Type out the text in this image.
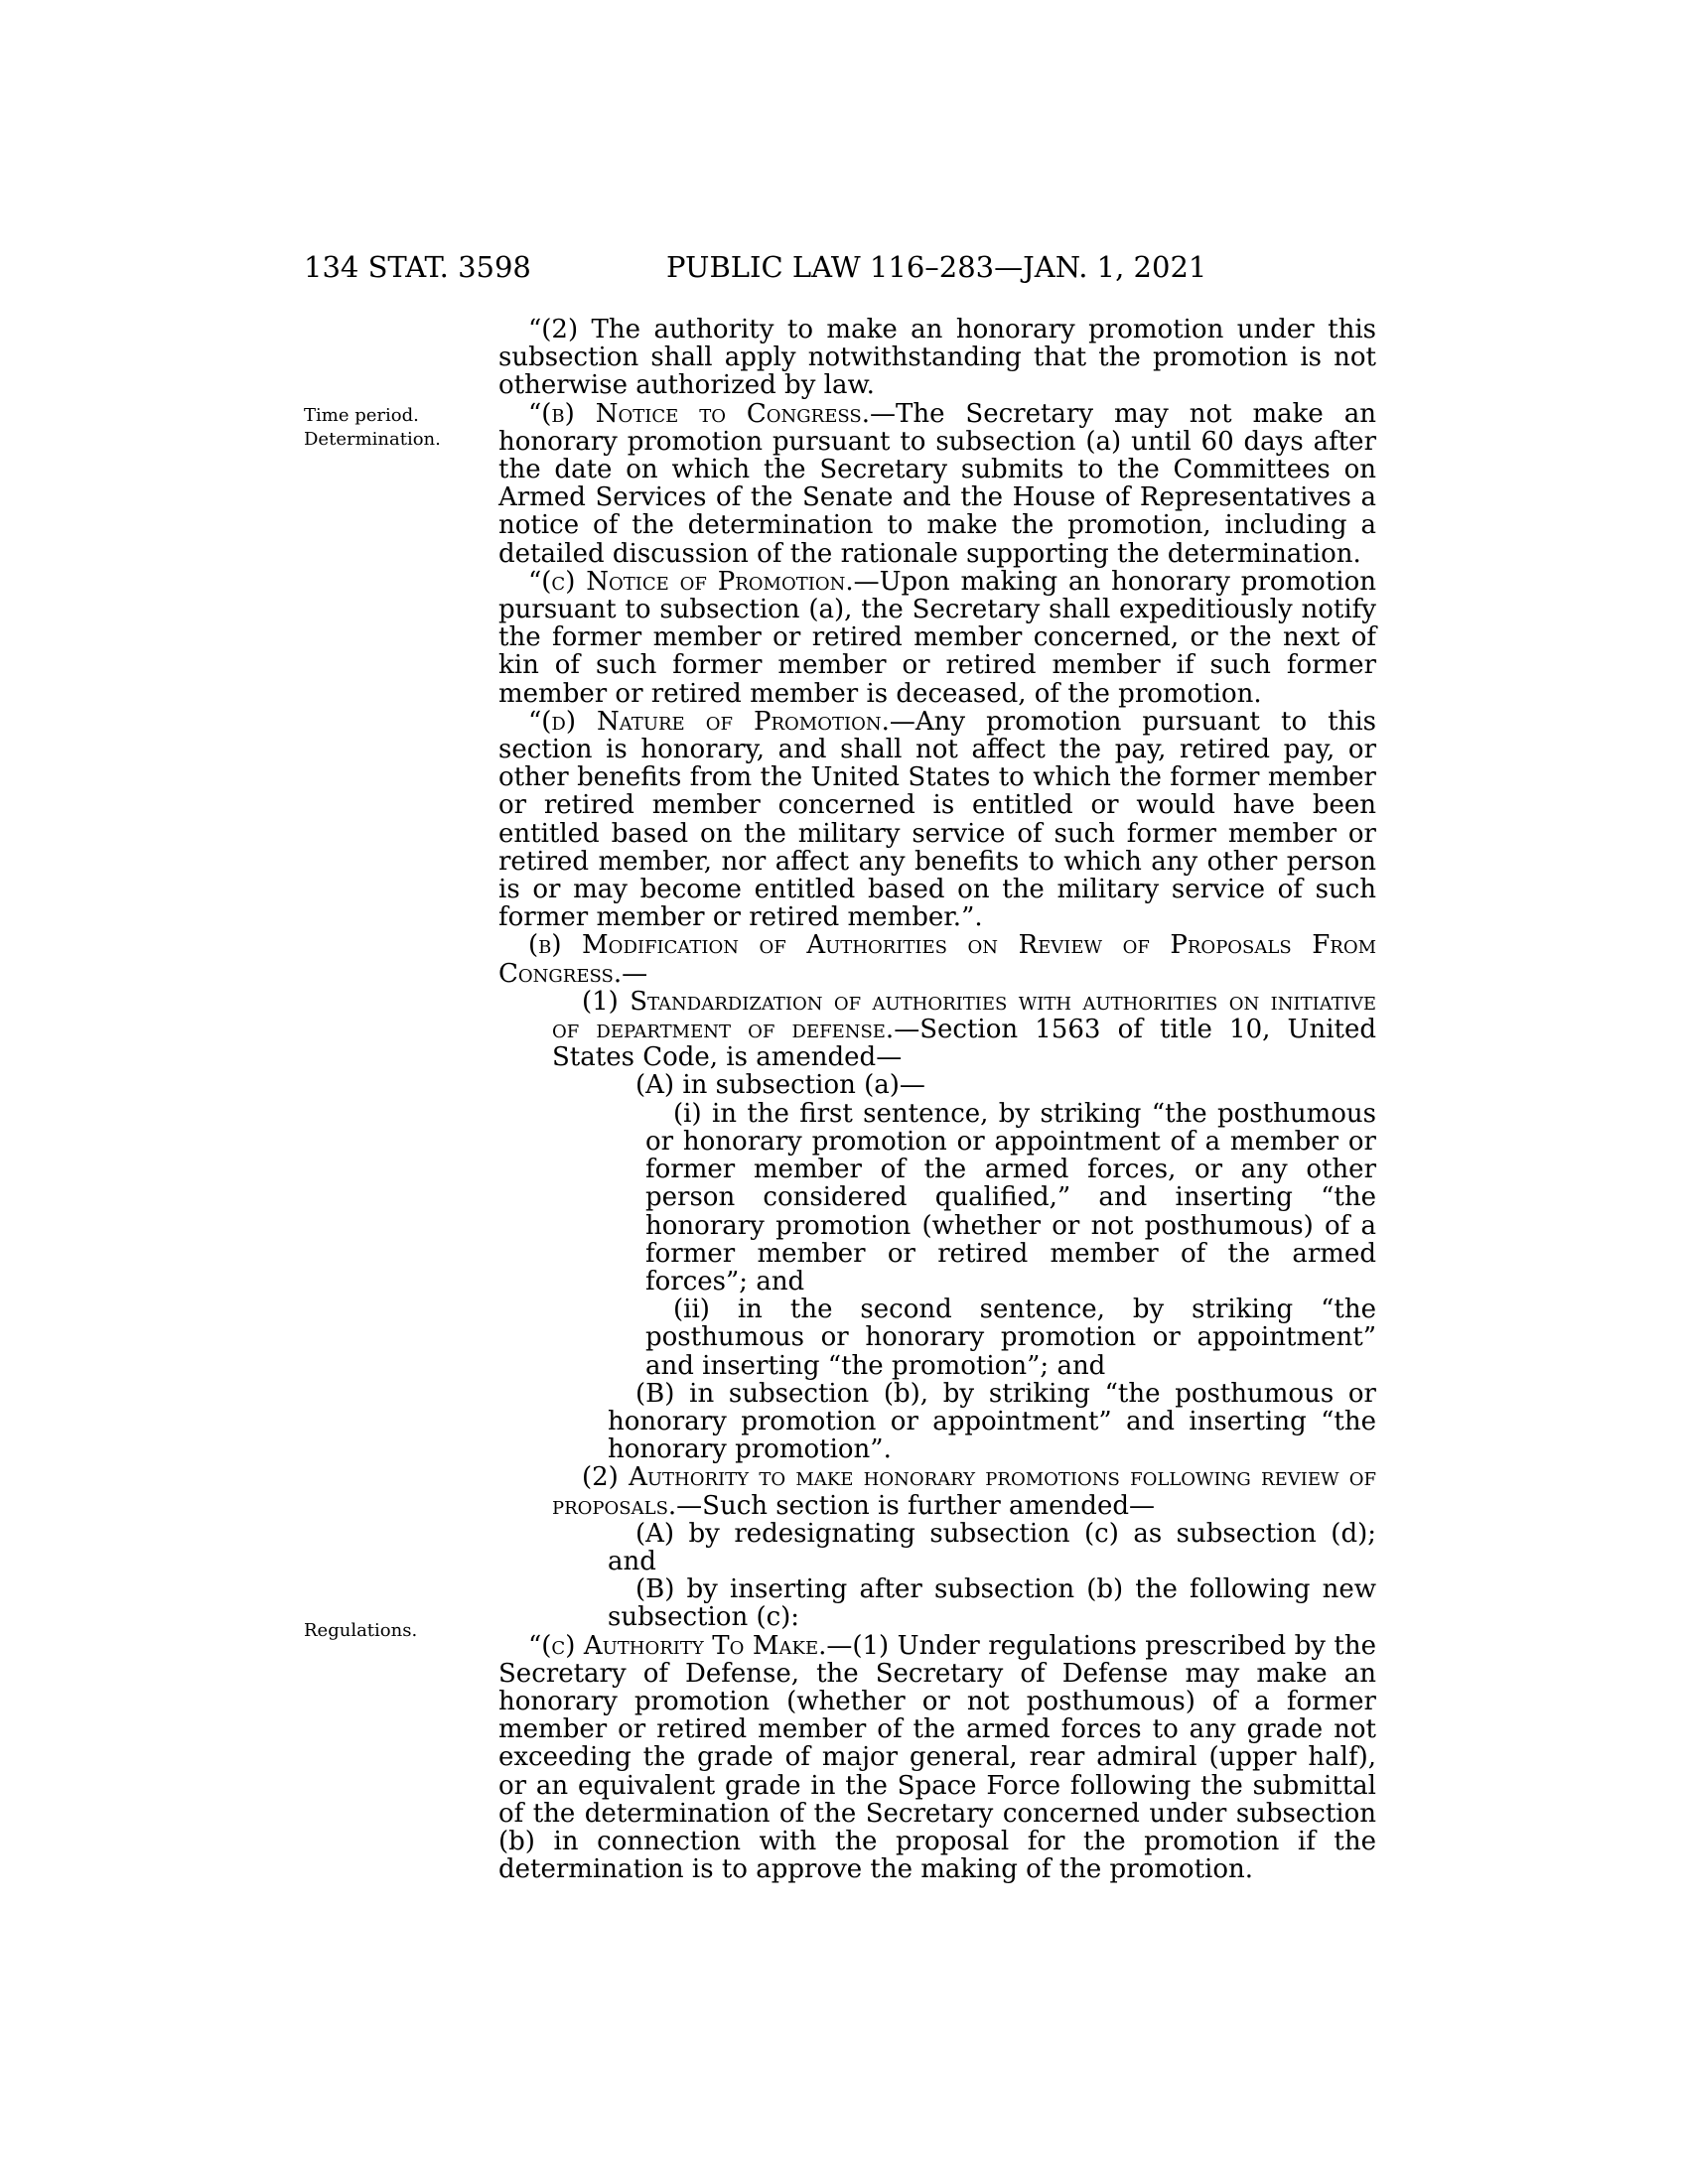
134 STAT. 3598	PUBLIC LAW 116–283—JAN. 1, 2021
Time period.
Determination.
Regulations.

“(2) The authority to make an honorary promotion under this subsection shall apply notwithstanding that the promotion is not otherwise authorized by law.

“(b) Notice to Congress.—The Secretary may not make an honorary promotion pursuant to subsection (a) until 60 days after the date on which the Secretary submits to the Committees on Armed Services of the Senate and the House of Representatives a notice of the determination to make the promotion, including a detailed discussion of the rationale supporting the determination.

“(c) Notice of Promotion.—Upon making an honorary promotion pursuant to subsection (a), the Secretary shall expeditiously notify the former member or retired member concerned, or the next of kin of such former member or retired member if such former member or retired member is deceased, of the promotion.

“(d) Nature of Promotion.—Any promotion pursuant to this section is honorary, and shall not affect the pay, retired pay, or other benefits from the United States to which the former member or retired member concerned is entitled or would have been entitled based on the military service of such former member or retired member, nor affect any benefits to which any other person is or may become entitled based on the military service of such former member or retired member.”.

(b) Modification of Authorities on Review of Proposals From Congress.—

(1) Standardization of authorities with authorities on initiative of department of defense.—Section 1563 of title 10, United States Code, is amended—

(A) in subsection (a)—

(i) in the first sentence, by striking “the posthumous or honorary promotion or appointment of a member or former member of the armed forces, or any other person considered qualified,” and inserting “the honorary promotion (whether or not posthumous) of a former member or retired member of the armed forces”; and

(ii) in the second sentence, by striking “the posthumous or honorary promotion or appointment” and inserting “the promotion”; and

(B) in subsection (b), by striking “the posthumous or honorary promotion or appointment” and inserting “the honorary promotion”.

(2) Authority to make honorary promotions following review of proposals.—Such section is further amended—

(A) by redesignating subsection (c) as subsection (d); and

(B) by inserting after subsection (b) the following new subsection (c):

“(c) Authority To Make.—(1) Under regulations prescribed by the Secretary of Defense, the Secretary of Defense may make an honorary promotion (whether or not posthumous) of a former member or retired member of the armed forces to any grade not exceeding the grade of major general, rear admiral (upper half), or an equivalent grade in the Space Force following the submittal of the determination of the Secretary concerned under subsection (b) in connection with the proposal for the promotion if the determination is to approve the making of the promotion.
